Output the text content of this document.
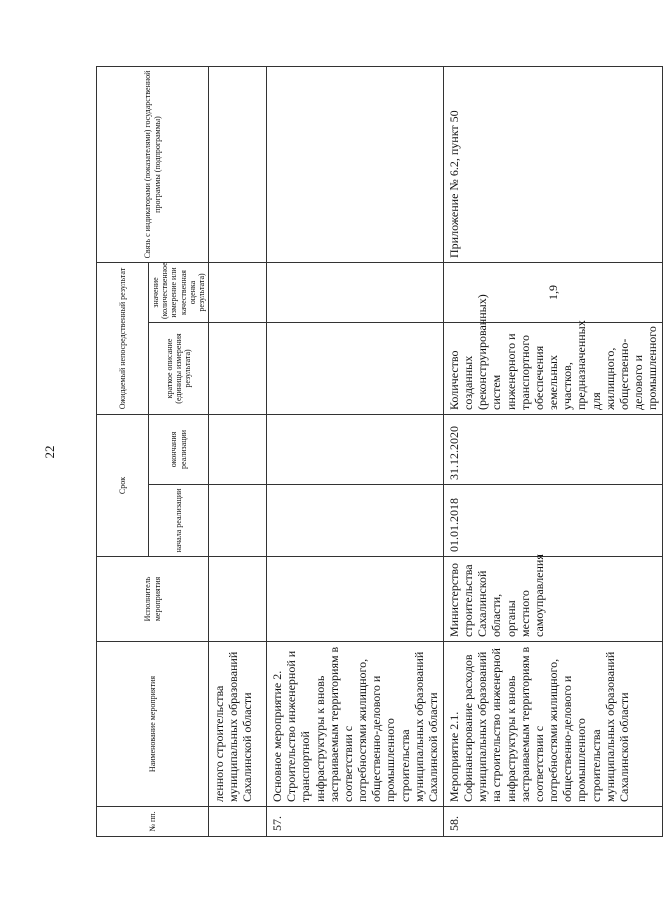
22
№ пп.	Наименование мероприятия	Исполнитель мероприятия	Срок		Ожидаемый непосредственный результат		Связь с индикаторами (показателями) государственной программы (подпрограммы)
			начала реализации	окончания реализации	краткое описание (единицы измерения результата)	значение (количественное измерение или качественная оценка результата)	
	ленного строительства муниципальных образований Сахалинской области						
57.	Основное мероприятие 2. Строительство инженерной и транспортной инфраструктуры к вновь застраиваемым территориям в соответствии с потребностями жилищного, общественно-делового и промышленного строительства муниципальных образований Сахалинской области						
58.	Мероприятие 2.1. Софинансирование расходов муниципальных образований на строительство инженерной инфраструктуры к вновь застраиваемым территориям в соответствии с потребностями жилищного, общественно-делового и промышленного строительства муниципальных образований Сахалинской области	Министерство строительства Сахалинской области, органы местного самоуправления	01.01.2018	31.12.2020	Количество созданных (реконструированных) систем инженерного и транспортного обеспечения земельных участков, предназначенных для жилищного, общественно-делового и промышленного	1,9	Приложение № 6.2, пункт 50
